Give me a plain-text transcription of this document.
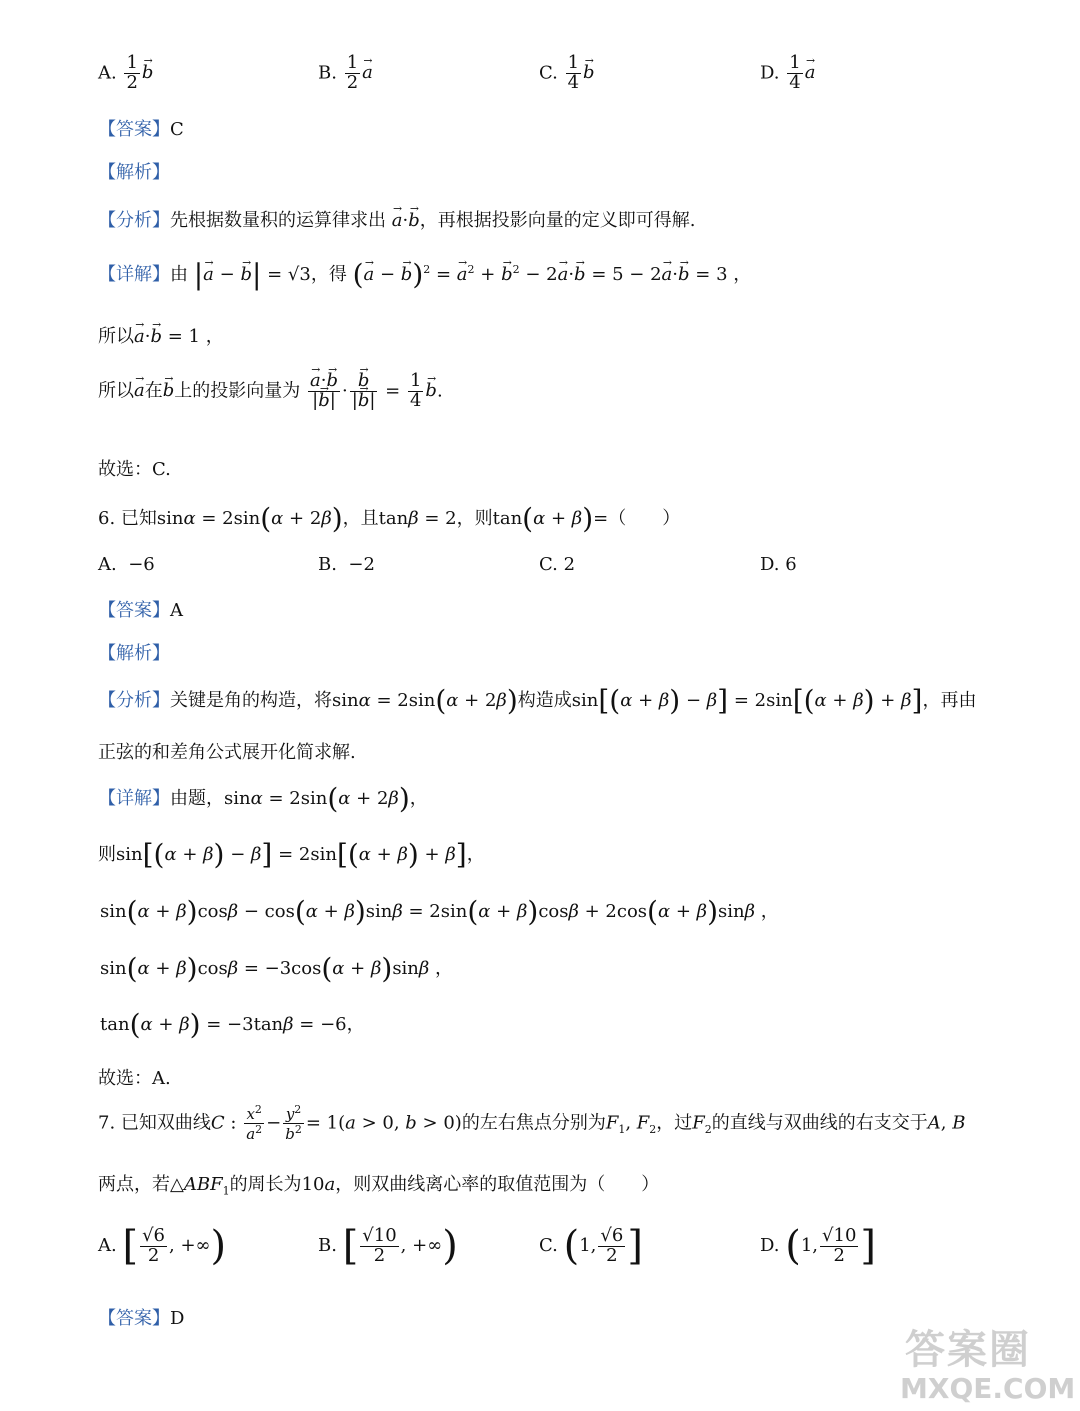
A. $\frac{1}{2}$
→ b	B. $\frac{1}{2}$
→ a	C. $\frac{1}{4}$
→ b	D. $\frac{1}{4}$
→ a
【答案】C
【解析】
【分析】先根据数量积的运算律求出 → a·→ b，再根据投影向量的定义即可得解.
【详解】由 |→ a − → b| = √3，得 (→ a − → b)$^2$ = → $a^2$ + → $b^2 - 2\to a\cdot\to b = 5 - 2\to a\cdot\to b = 3$ ，
所以→ a·→ b = 1 ，
所以→ a在→ b上的投影向量为
→ $\frac{a\cdot\to b}{|\to b|}$ ·
→ $\frac{b}{|\to b|} = \frac{1}{4}$
→ b.
故选：C.
6. 已知sinα = 2sin(α + 2β)，且tanβ = 2，则tan(α + β)=（　　）
A. −6	B. −2	C. 2	D. 6
【答案】A
【解析】
【分析】关键是角的构造，将sinα = 2sin(α + 2β)构造成sin[(α + β) − β] = 2sin[(α + β) + β]，再由
正弦的和差角公式展开化简求解.
【详解】由题，sinα = 2sin(α + 2β)，
则sin[(α + β) − β] = 2sin[(α + β) + β]，
sin(α + β)cosβ − cos(α + β)sinβ = 2sin(α + β)cosβ + 2cos(α + β)sinβ ，
sin(α + β)cosβ = −3cos(α + β)sinβ ，
tan(α + β) = −3tanβ = −6，
故选：A.
7. 已知双曲线C : $\frac{x^2}{a^2} - \frac{y^2}{b^2} = 1(a > 0$, b > 0)的左右焦点分别为$F_1$, $F_2$，过$F_2$的直线与双曲线的右支交于A, B
两点，若$\triangle ABF_1$的周长为10a，则双曲线离心率的取值范围为（　　）
A. [ $\frac{√6}{2}$ , +∞)	B. [ $\frac{√10}{2}$ , +∞)	C. (1, $\frac{√6}{2}$ ]	D. (1, $\frac{√10}{2}$ ]
【答案】D
答案圈
MXQE.COM
